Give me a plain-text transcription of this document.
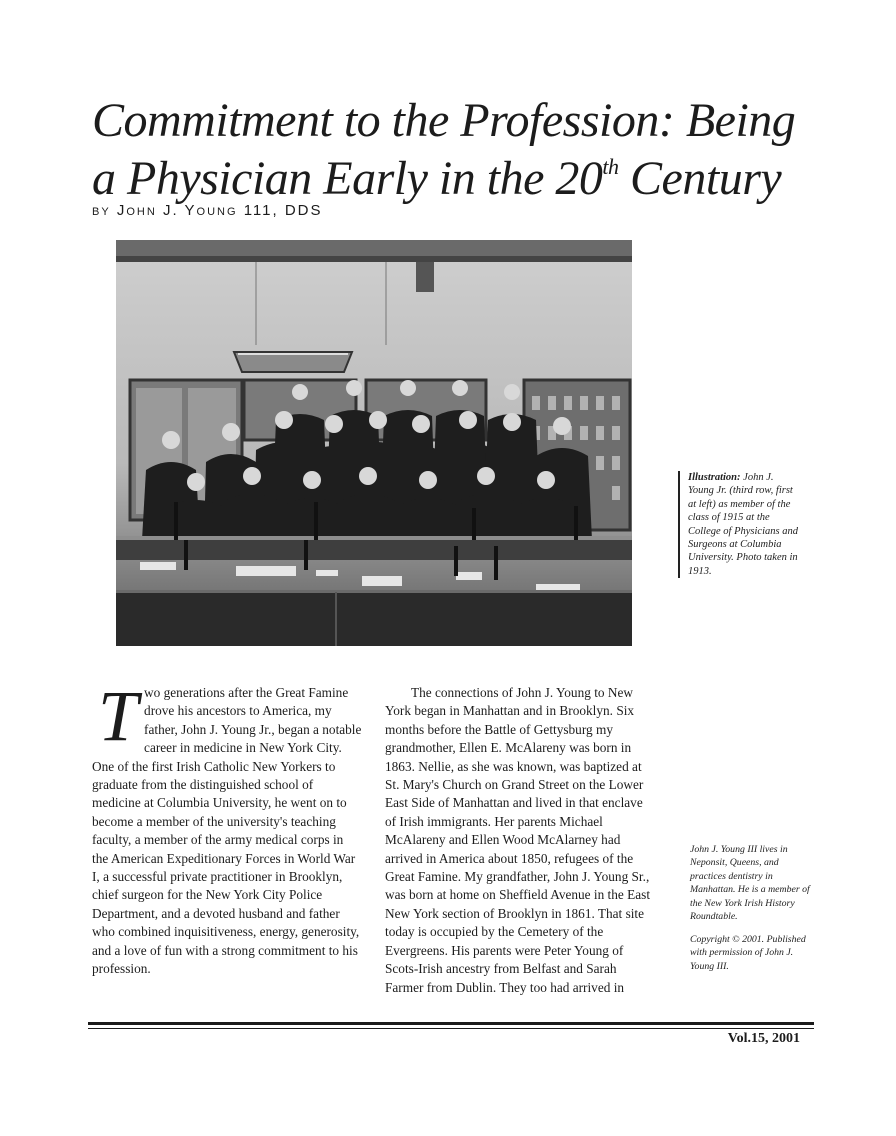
Commitment to the Profession: Being
a Physician Early in the 20th Century
by John J. Young 111, DDS
Illustration: John J. Young Jr. (third row, first at left) as member of the class of 1915 at the College of Physicians and Surgeons at Columbia University. Photo taken in 1913.
T wo generations after the Great Famine drove his ancestors to America, my father, John J. Young Jr., began a notable career in medicine in New York City. One of the first Irish Catholic New Yorkers to graduate from the distinguished school of medicine at Columbia University, he went on to become a member of the university's teaching faculty, a member of the army medical corps in the American Expeditionary Forces in World War I, a successful private practitioner in Brooklyn, chief surgeon for the New York City Police Department, and a devoted husband and father who combined inquisitiveness, energy, generosity, and a love of fun with a strong commitment to his profession.

The connections of John J. Young to New York began in Manhattan and in Brooklyn. Six months before the Battle of Gettysburg my grandmother, Ellen E. McAlareny was born in 1863. Nellie, as she was known, was baptized at St. Mary's Church on Grand Street on the Lower East Side of Manhattan and lived in that enclave of Irish immigrants. Her parents Michael McAlareny and Ellen Wood McAlarney had arrived in America about 1850, refugees of the Great Famine. My grandfather, John J. Young Sr., was born at home on Sheffield Avenue in the East New York section of Brooklyn in 1861. That site today is occupied by the Cemetery of the Evergreens. His parents were Peter Young of Scots-Irish ancestry from Belfast and Sarah Farmer from Dublin. They too had arrived in

John J. Young III lives in Neponsit, Queens, and practices dentistry in Manhattan. He is a member of the New York Irish History Roundtable.
Copyright © 2001. Published with permission of John J. Young III.
Vol.15, 2001
